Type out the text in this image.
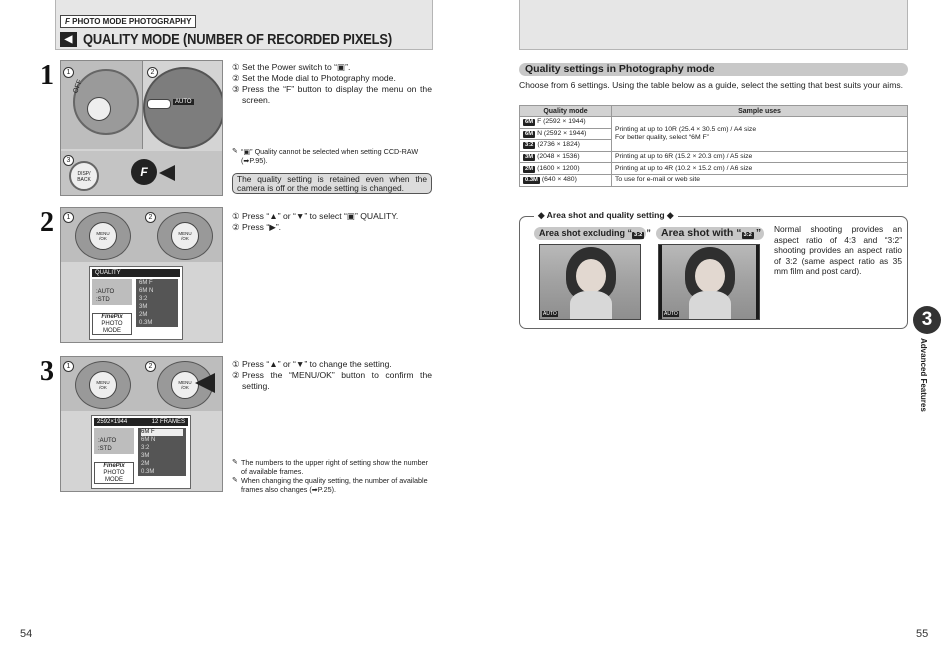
F PHOTO MODE PHOTOGRAPHY
◀ QUALITY MODE (NUMBER OF RECORDED PIXELS)
1	OFF
AUTO
DISP/
BACK
F
1	2
3

① Set the Power switch to “▣”.

② Set the Mode dial to Photography mode.

③ Press the “F” button to display the menu on the screen.

✎ “▣” Quality cannot be selected when setting CCD-RAW (➡P.95).

The quality setting is retained even when the camera is off or the mode setting is changed.
2	MENU
/OK
MENU
/OK
1	2
QUALITY
:AUTO
:STD
6M F
6M N
3:2
3M
2M
0.3M
FinePix
PHOTO MODE

① Press “▲” or “▼” to select “▣” QUALITY.

② Press “▶”.

3	MENU
/OK
MENU
/OK
1	2
2592×1944	12 FRAMES
:AUTO
:STD
6M F
6M N
3:2
3M
2M
0.3M
FinePix
PHOTO MODE

① Press “▲” or “▼” to change the setting.

② Press the “MENU/OK” button to confirm the setting.

✎ The numbers to the upper right of setting show the number of available frames.

✎ When changing the quality setting, the number of available frames also changes (➡P.25).

54
Quality settings in Photography mode
Choose from 6 settings. Using the table below as a guide, select the setting that best suits your aims.
Quality mode	Sample uses
6M F (2592 × 1944)	Printing at up to 10R (25.4 × 30.5 cm) / A4 size
For better quality, select “6M F”

6M N (2592 × 1944)	
3:2 (2736 × 1824)	
3M (2048 × 1536)	Printing at up to 6R (15.2 × 20.3 cm) / A5 size
2M (1600 × 1200)	Printing at up to 4R (10.2 × 15.2 cm) / A6 size
0.3M (640 × 480)	To use for e-mail or web site
◆ Area shot and quality setting ◆
Area shot excluding “ 3:2 ” Area shot with “ 3:2 ”
AUTO	AUTO
Normal shooting provides an aspect ratio of 4:3 and “3:2” shooting provides an aspect ratio of 3:2 (same aspect ratio as 35 mm film and post card).
3
Advanced Features
55
